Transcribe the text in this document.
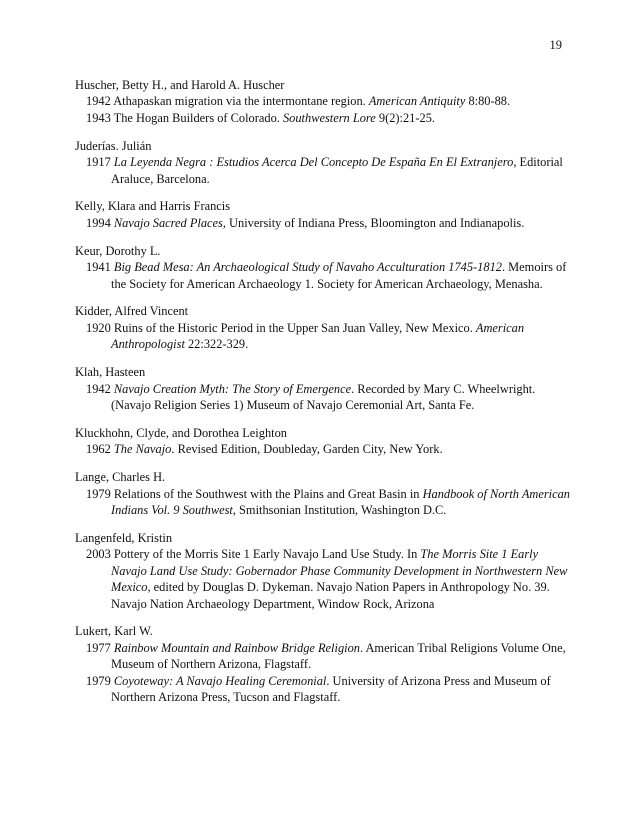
19
Huscher, Betty H., and Harold A. Huscher
1942 Athapaskan migration via the intermontane region. American Antiquity 8:80-88.
1943 The Hogan Builders of Colorado. Southwestern Lore 9(2):21-25.
Juderías. Julián
1917 La Leyenda Negra : Estudios Acerca Del Concepto De España En El Extranjero, Editorial Araluce, Barcelona.
Kelly, Klara and Harris Francis
1994 Navajo Sacred Places, University of Indiana Press, Bloomington and Indianapolis.
Keur, Dorothy L.
1941 Big Bead Mesa: An Archaeological Study of Navaho Acculturation 1745-1812. Memoirs of the Society for American Archaeology 1. Society for American Archaeology, Menasha.
Kidder, Alfred Vincent
1920 Ruins of the Historic Period in the Upper San Juan Valley, New Mexico. American Anthropologist 22:322-329.
Klah, Hasteen
1942 Navajo Creation Myth: The Story of Emergence. Recorded by Mary C. Wheelwright. (Navajo Religion Series 1) Museum of Navajo Ceremonial Art, Santa Fe.
Kluckhohn, Clyde, and Dorothea Leighton
1962 The Navajo. Revised Edition, Doubleday, Garden City, New York.
Lange, Charles H.
1979 Relations of the Southwest with the Plains and Great Basin in Handbook of North American Indians Vol. 9 Southwest, Smithsonian Institution, Washington D.C.
Langenfeld, Kristin
2003 Pottery of the Morris Site 1 Early Navajo Land Use Study. In The Morris Site 1 Early Navajo Land Use Study: Gobernador Phase Community Development in Northwestern New Mexico, edited by Douglas D. Dykeman. Navajo Nation Papers in Anthropology No. 39. Navajo Nation Archaeology Department, Window Rock, Arizona
Lukert, Karl W.
1977 Rainbow Mountain and Rainbow Bridge Religion. American Tribal Religions Volume One, Museum of Northern Arizona, Flagstaff.
1979 Coyoteway: A Navajo Healing Ceremonial. University of Arizona Press and Museum of Northern Arizona Press, Tucson and Flagstaff.
